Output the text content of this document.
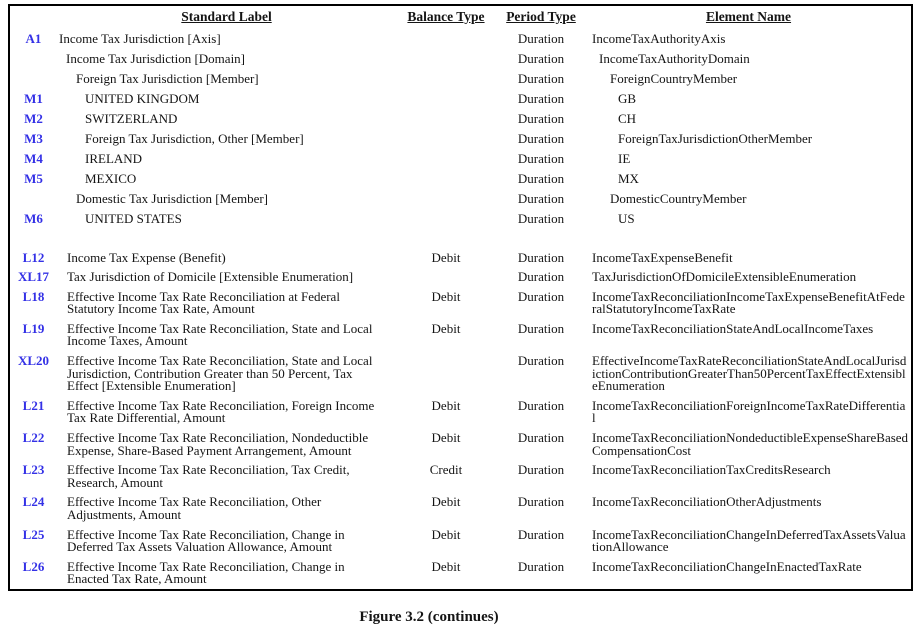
	Standard Label	Balance Type	Period Type	Element Name
A1	Income Tax Jurisdiction [Axis]		Duration	IncomeTaxAuthorityAxis
	Income Tax Jurisdiction [Domain]		Duration	IncomeTaxAuthorityDomain
	Foreign Tax Jurisdiction [Member]		Duration	ForeignCountryMember
M1	UNITED KINGDOM		Duration	GB
M2	SWITZERLAND		Duration	CH
M3	Foreign Tax Jurisdiction, Other [Member]		Duration	ForeignTaxJurisdictionOtherMember
M4	IRELAND		Duration	IE
M5	MEXICO		Duration	MX
	Domestic Tax Jurisdiction [Member]		Duration	DomesticCountryMember
M6	UNITED STATES		Duration	US

L12	Income Tax Expense (Benefit)	Debit	Duration	IncomeTaxExpenseBenefit
XL17	Tax Jurisdiction of Domicile [Extensible Enumeration]		Duration	TaxJurisdictionOfDomicileExtensibleEnumeration
L18	Effective Income Tax Rate Reconciliation at Federal Statutory Income Tax Rate, Amount	Debit	Duration	IncomeTaxReconciliationIncomeTaxExpenseBenefitAtFederalStatutoryIncomeTaxRate
L19	Effective Income Tax Rate Reconciliation, State and Local Income Taxes, Amount	Debit	Duration	IncomeTaxReconciliationStateAndLocalIncomeTaxes
XL20	Effective Income Tax Rate Reconciliation, State and Local Jurisdiction, Contribution Greater than 50 Percent, Tax Effect [Extensible Enumeration]		Duration	EffectiveIncomeTaxRateReconciliationStateAndLocalJurisdictionContributionGreaterThan50PercentTaxEffectExtensibleEnumeration
L21	Effective Income Tax Rate Reconciliation, Foreign Income Tax Rate Differential, Amount	Debit	Duration	IncomeTaxReconciliationForeignIncomeTaxRateDifferential
L22	Effective Income Tax Rate Reconciliation, Nondeductible Expense, Share-Based Payment Arrangement, Amount	Debit	Duration	IncomeTaxReconciliationNondeductibleExpenseShareBasedCompensationCost
L23	Effective Income Tax Rate Reconciliation, Tax Credit, Research, Amount	Credit	Duration	IncomeTaxReconciliationTaxCreditsResearch
L24	Effective Income Tax Rate Reconciliation, Other Adjustments, Amount	Debit	Duration	IncomeTaxReconciliationOtherAdjustments
L25	Effective Income Tax Rate Reconciliation, Change in Deferred Tax Assets Valuation Allowance, Amount	Debit	Duration	IncomeTaxReconciliationChangeInDeferredTaxAssetsValuationAllowance
L26	Effective Income Tax Rate Reconciliation, Change in Enacted Tax Rate, Amount	Debit	Duration	IncomeTaxReconciliationChangeInEnactedTaxRate
Figure 3.2 (continues)
